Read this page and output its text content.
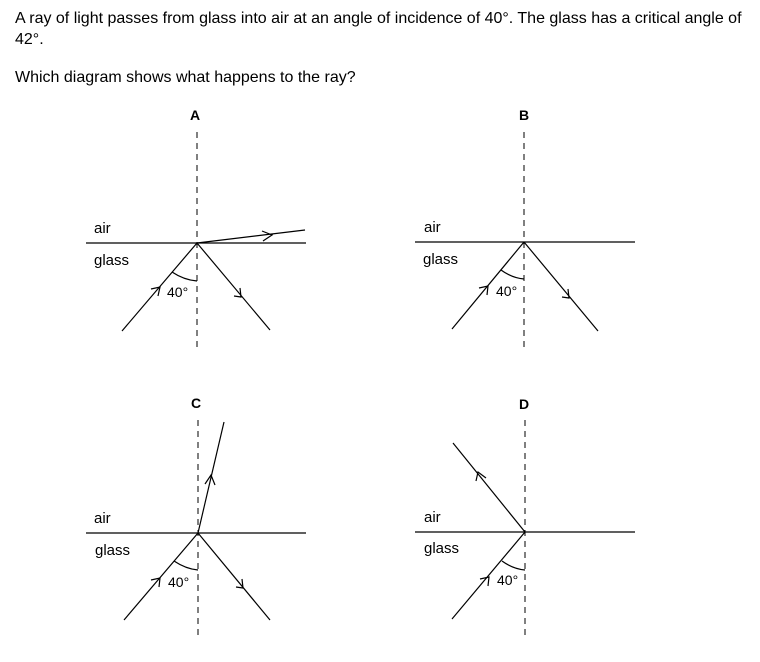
A ray of light passes from glass into air at an angle of incidence of 40°. The glass has a critical angle of 42°.

Which diagram shows what happens to the ray?

A
air
glass
40°
B
air
glass
40°
C
air
glass
40°
D
air
glass
40°
